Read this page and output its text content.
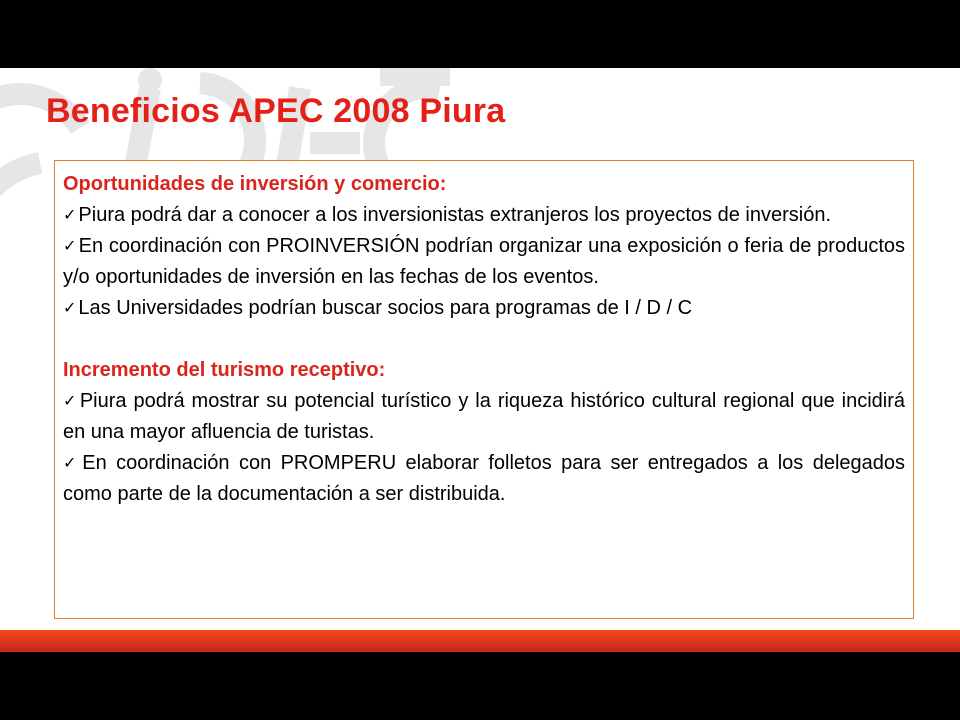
Beneficios APEC 2008 Piura

Oportunidades de inversión y comercio:

✓ Piura podrá dar a conocer a los inversionistas extranjeros los proyectos de inversión.

✓ En coordinación con PROINVERSIÓN podrían organizar una exposición o feria de productos y/o oportunidades de inversión en las fechas de los eventos.

✓ Las Universidades podrían buscar socios para programas de I / D / C

Incremento del turismo receptivo:

✓ Piura podrá mostrar su potencial turístico y la riqueza histórico cultural regional que incidirá en una mayor afluencia de turistas.

✓ En coordinación con PROMPERU elaborar folletos para ser entregados a los delegados como parte de la documentación a ser distribuida.
